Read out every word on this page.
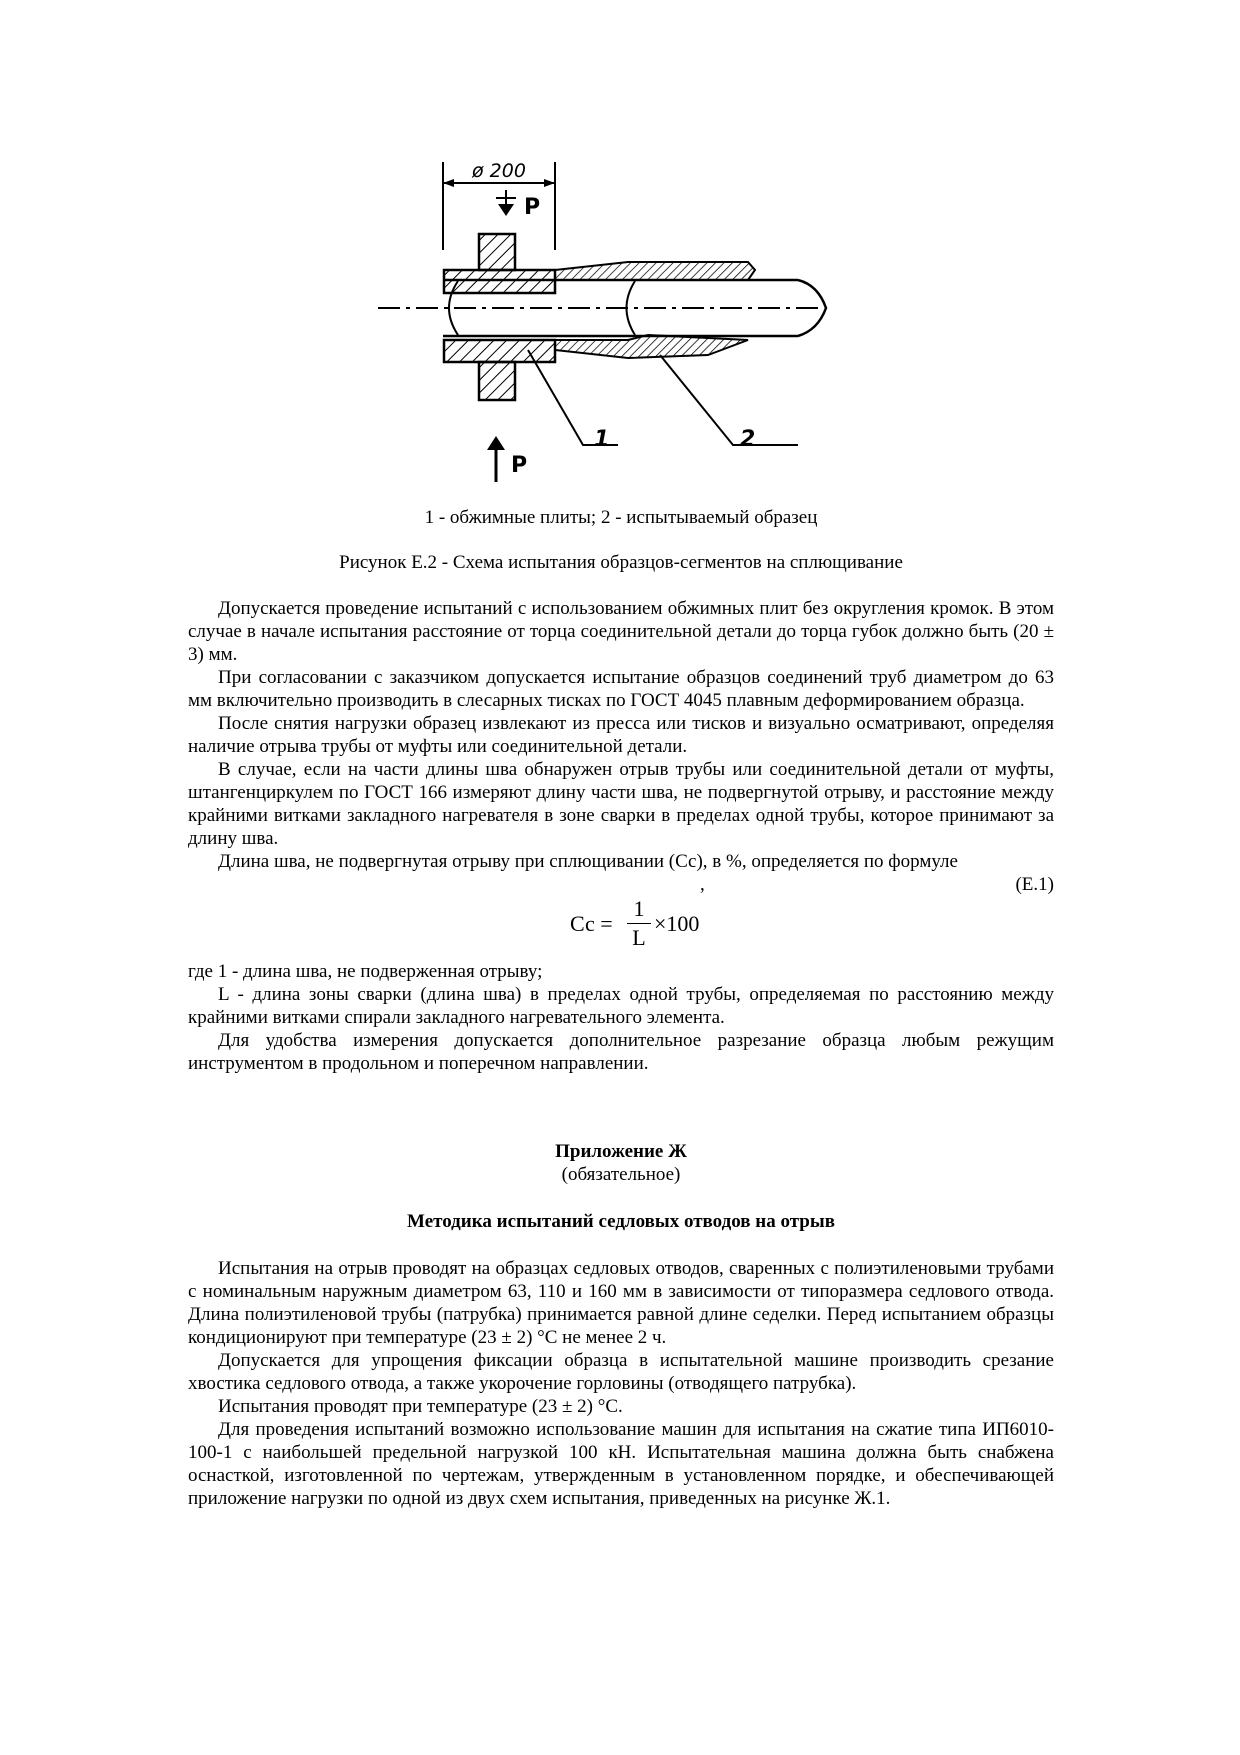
ø 200
P
1	2
P
1 - обжимные плиты; 2 - испытываемый образец
Рисунок Е.2 - Схема испытания образцов-сегментов на сплющивание

Допускается проведение испытаний с использованием обжимных плит без округления кромок. В этом случае в начале испытания расстояние от торца соединительной детали до торца губок должно быть (20 ± 3) мм.

При согласовании с заказчиком допускается испытание образцов соединений труб диаметром до 63 мм включительно производить в слесарных тисках по ГОСТ 4045 плавным деформированием образца.

После снятия нагрузки образец извлекают из пресса или тисков и визуально осматривают, определяя наличие отрыва трубы от муфты или соединительной детали.

В случае, если на части длины шва обнаружен отрыв трубы или соединительной детали от муфты, штангенциркулем по ГОСТ 166 измеряют длину части шва, не подвергнутой отрыву, и расстояние между крайними витками закладного нагревателя в зоне сварки в пределах одной трубы, которое принимают за длину шва.

Длина шва, не подвергнутая отрыву при сплющивании (Сс), в %, определяется по формуле

,	(Е.1)
Сс =
1
L
×100

где 1 - длина шва, не подверженная отрыву;

L - длина зоны сварки (длина шва) в пределах одной трубы, определяемая по расстоянию между крайними витками спирали закладного нагревательного элемента.

Для удобства измерения допускается дополнительное разрезание образца любым режущим инструментом в продольном и поперечном направлении.

Приложение Ж
(обязательное)
Методика испытаний седловых отводов на отрыв

Испытания на отрыв проводят на образцах седловых отводов, сваренных с полиэтиленовыми трубами с номинальным наружным диаметром 63, 110 и 160 мм в зависимости от типоразмера седлового отвода. Длина полиэтиленовой трубы (патрубка) принимается равной длине седелки. Перед испытанием образцы кондиционируют при температуре (23 ± 2) °С не менее 2 ч.

Допускается для упрощения фиксации образца в испытательной машине производить срезание хвостика седлового отвода, а также укорочение горловины (отводящего патрубка).

Испытания проводят при температуре (23 ± 2) °С.

Для проведения испытаний возможно использование машин для испытания на сжатие типа ИП6010-100-1 с наибольшей предельной нагрузкой 100 кН. Испытательная машина должна быть снабжена оснасткой, изготовленной по чертежам, утвержденным в установленном порядке, и обеспечивающей приложение нагрузки по одной из двух схем испытания, приведенных на рисунке Ж.1.
